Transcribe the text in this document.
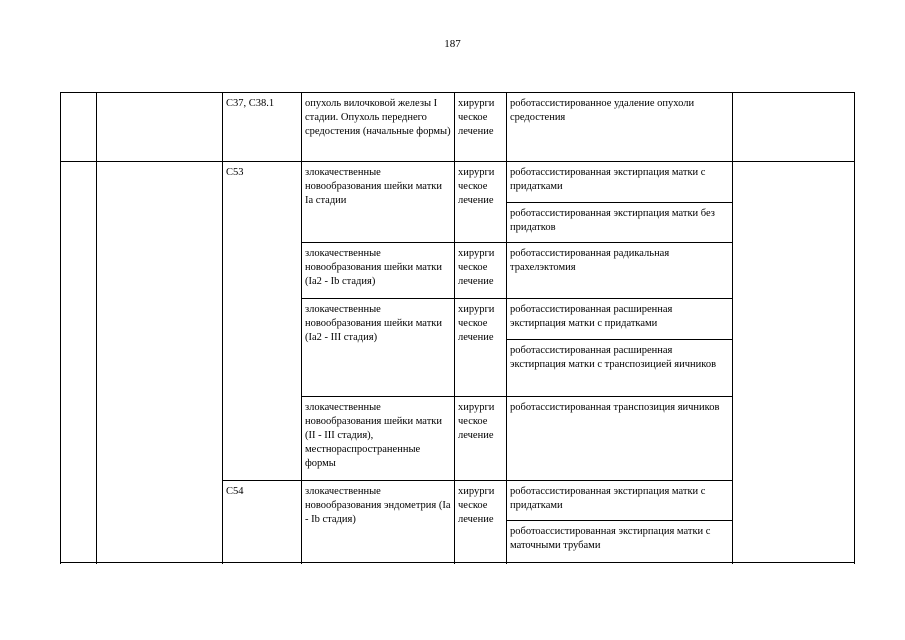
187
		C37, C38.1	опухоль вилочковой железы I стадии. Опухоль переднего средостения (начальные формы)	хирурги ческое лечение	роботассистированное удаление опухоли средостения	
		C53	злокачественные новообразования шейки матки Ia стадии	хирурги ческое лечение	роботассистированная экстирпация матки с придатками	
					роботассистированная экстирпация матки без придатков	
			злокачественные новообразования шейки матки (Ia2 - Ib стадия)	хирурги ческое лечение	роботассистированная радикальная трахелэктомия	
			злокачественные новообразования шейки матки (Ia2 - III стадия)	хирурги ческое лечение	роботассистированная расширенная экстирпация матки с придатками	
					роботассистированная расширенная экстирпация матки с транспозицией яичников	
			злокачественные новообразования шейки матки (II - III стадия), местнораспространенные формы	хирурги ческое лечение	роботассистированная транспозиция яичников	

		C54	злокачественные новообразования эндометрия (Ia - Ib стадия)	хирурги ческое лечение	роботассистированная экстирпация матки с придатками	
					роботоассистированная экстирпация матки с маточными трубами	
